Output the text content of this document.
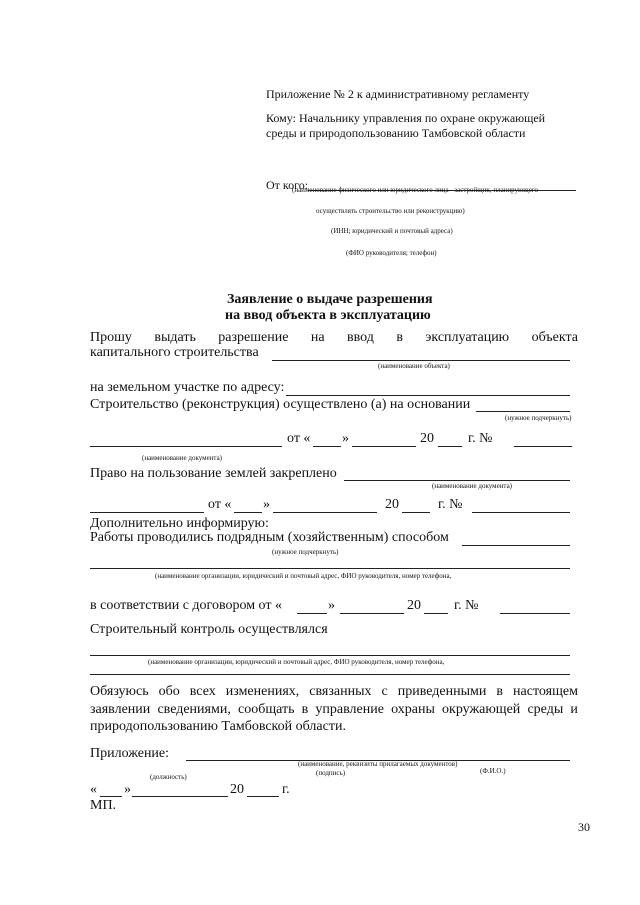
Приложение № 2 к административному регламенту
Кому: Начальнику управления по охране окружающей
среды и природопользованию Тамбовской области
От кого:
(наименование физического или юридического лица - застройщик, планирующего
осуществлять строительство или реконструкцию)
(ИНН; юридический и почтовый адреса)
(ФИО руководителя; телефон)
Заявление о выдаче разрешения
на ввод объекта в эксплуатацию
Прошу выдать разрешение на ввод в эксплуатацию объекта
капитального строительства
(наименование объекта)
на земельном участке по адресу:
Строительство (реконструкция) осуществлено (а) на основании
(нужное подчеркнуть)
от « »	20 г. №
(наименование документа)
Право на пользование землей закреплено
(наименование документа)
от « »	20	г. №
Дополнительно информирую:
Работы проводились подрядным (хозяйственным) способом
(нужное подчеркнуть)
(наименование организации, юридический и почтовый адрес, ФИО руководителя, номер телефона,
в соответствии с договором от «	»	20 г. №
Строительный контроль осуществлялся
(наименование организации, юридический и почтовый адрес, ФИО руководителя, номер телефона,
Обязуюсь обо всех изменениях, связанных с приведенными в настоящем
заявлении сведениями, сообщать в управление охраны окружающей среды и
природопользованию Тамбовской области.
Приложение:
(наименование, реквизиты прилагаемых документов)
(подпись)	(Ф.И.О.)
(должность)
« »	20	г.
МП.
30
